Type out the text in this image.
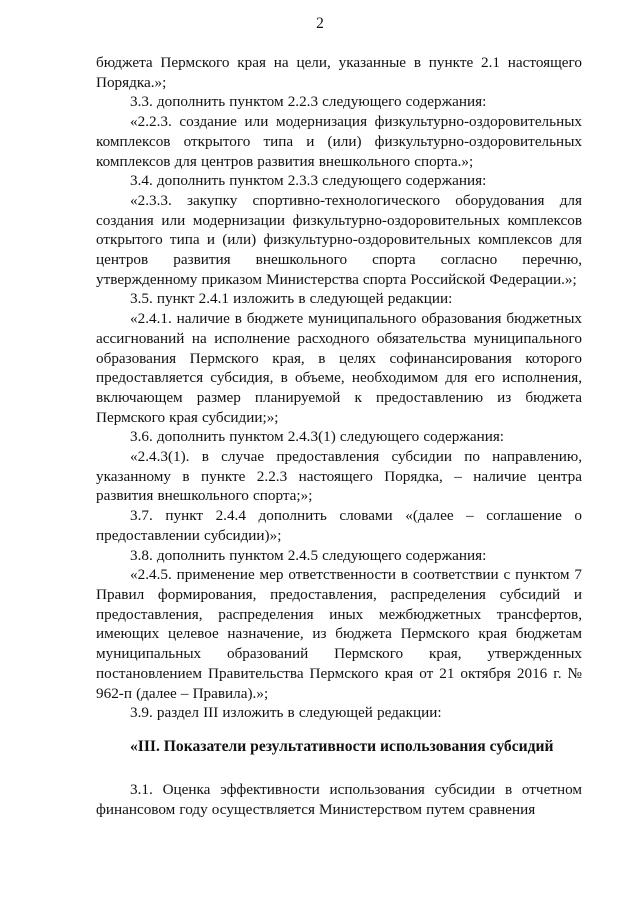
2

бюджета Пермского края на цели, указанные в пункте 2.1 настоящего Порядка.»;

3.3. дополнить пунктом 2.2.3 следующего содержания:

«2.2.3. создание или модернизация физкультурно-оздоровительных комплексов открытого типа и (или) физкультурно-оздоровительных комплексов для центров развития внешкольного спорта.»;

3.4. дополнить пунктом 2.3.3 следующего содержания:

«2.3.3. закупку спортивно-технологического оборудования для создания или модернизации физкультурно-оздоровительных комплексов открытого типа и (или) физкультурно-оздоровительных комплексов для центров развития внешкольного спорта согласно перечню, утвержденному приказом Министерства спорта Российской Федерации.»;

3.5. пункт 2.4.1 изложить в следующей редакции:

«2.4.1. наличие в бюджете муниципального образования бюджетных ассигнований на исполнение расходного обязательства муниципального образования Пермского края, в целях софинансирования которого предоставляется субсидия, в объеме, необходимом для его исполнения, включающем размер планируемой к предоставлению из бюджета Пермского края субсидии;»;

3.6. дополнить пунктом 2.4.3(1) следующего содержания:

«2.4.3(1). в случае предоставления субсидии по направлению, указанному в пункте 2.2.3 настоящего Порядка, – наличие центра развития внешкольного спорта;»;

3.7. пункт 2.4.4 дополнить словами «(далее – соглашение о предоставлении субсидии)»;

3.8. дополнить пунктом 2.4.5 следующего содержания:

«2.4.5. применение мер ответственности в соответствии с пунктом 7 Правил формирования, предоставления, распределения субсидий и предоставления, распределения иных межбюджетных трансфертов, имеющих целевое назначение, из бюджета Пермского края бюджетам муниципальных образований Пермского края, утвержденных постановлением Правительства Пермского края от 21 октября 2016 г. № 962-п (далее – Правила).»;

3.9. раздел III изложить в следующей редакции:

«III. Показатели результативности использования субсидий

3.1. Оценка эффективности использования субсидии в отчетном финансовом году осуществляется Министерством путем сравнения
